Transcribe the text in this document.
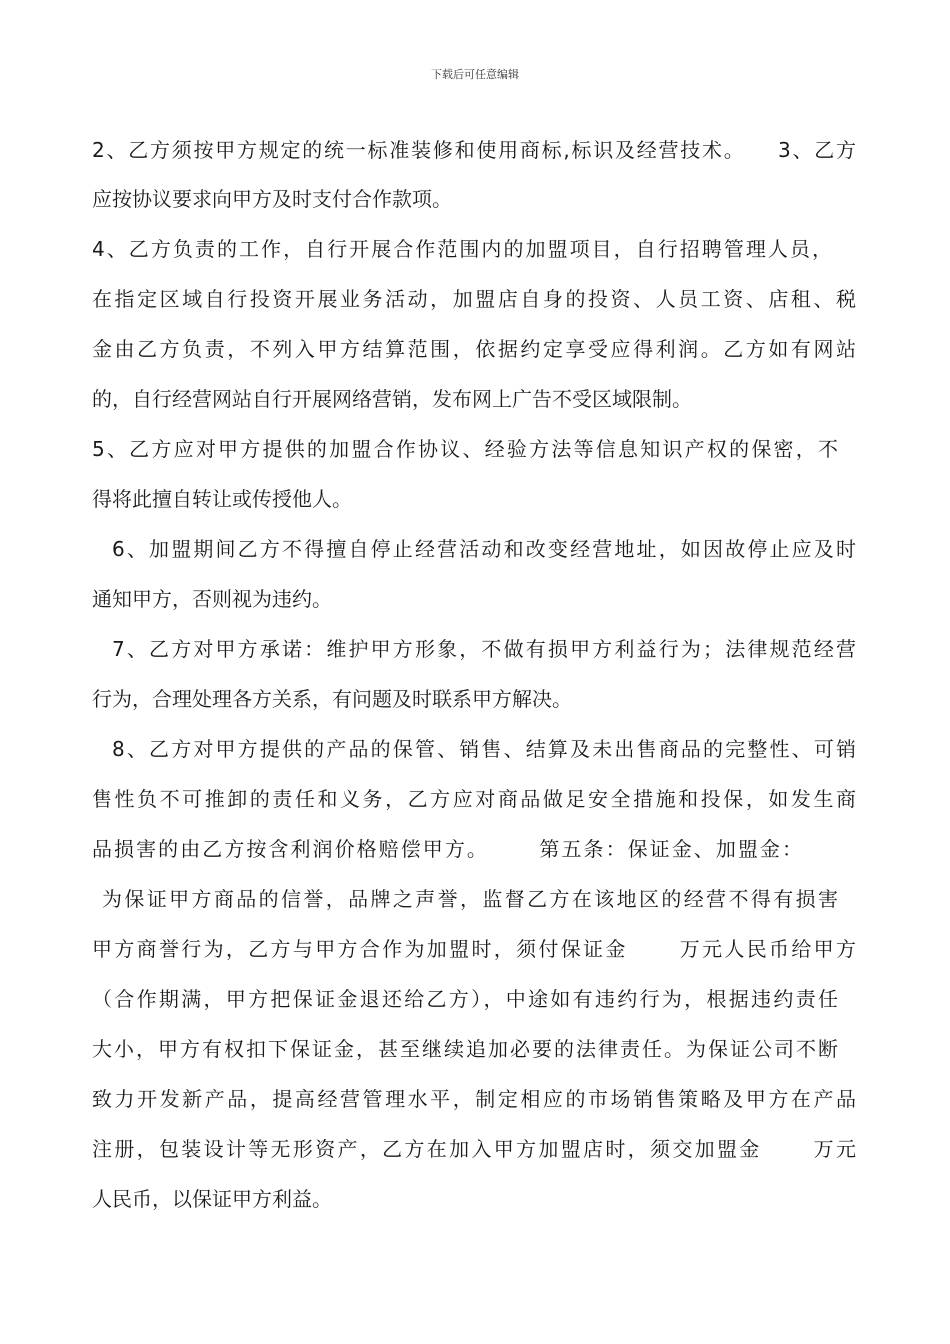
下载后可任意编辑
2、乙方须按甲方规定的统一标准装修和使用商标,标识及经营技术。    3、乙方
应按协议要求向甲方及时支付合作款项。
4、乙方负责的工作，自行开展合作范围内的加盟项目，自行招聘管理人员，
在指定区域自行投资开展业务活动，加盟店自身的投资、人员工资、店租、税
金由乙方负责，不列入甲方结算范围，依据约定享受应得利润。乙方如有网站
的，自行经营网站自行开展网络营销，发布网上广告不受区域限制。
5、乙方应对甲方提供的加盟合作协议、经验方法等信息知识产权的保密，不
得将此擅自转让或传授他人。
6、加盟期间乙方不得擅自停止经营活动和改变经营地址，如因故停止应及时
通知甲方，否则视为违约。
7、乙方对甲方承诺：维护甲方形象，不做有损甲方利益行为；法律规范经营
行为，合理处理各方关系，有问题及时联系甲方解决。
8、乙方对甲方提供的产品的保管、销售、结算及未出售商品的完整性、可销
售性负不可推卸的责任和义务，乙方应对商品做足安全措施和投保，如发生商
品损害的由乙方按含利润价格赔偿甲方。      第五条：保证金、加盟金：
为保证甲方商品的信誉，品牌之声誉，监督乙方在该地区的经营不得有损害
甲方商誉行为，乙方与甲方合作为加盟时，须付保证金      万元人民币给甲方
（合作期满，甲方把保证金退还给乙方），中途如有违约行为，根据违约责任
大小，甲方有权扣下保证金，甚至继续追加必要的法律责任。为保证公司不断
致力开发新产品，提高经营管理水平，制定相应的市场销售策略及甲方在产品
注册，包装设计等无形资产，乙方在加入甲方加盟店时，须交加盟金      万元
人民币，以保证甲方利益。
